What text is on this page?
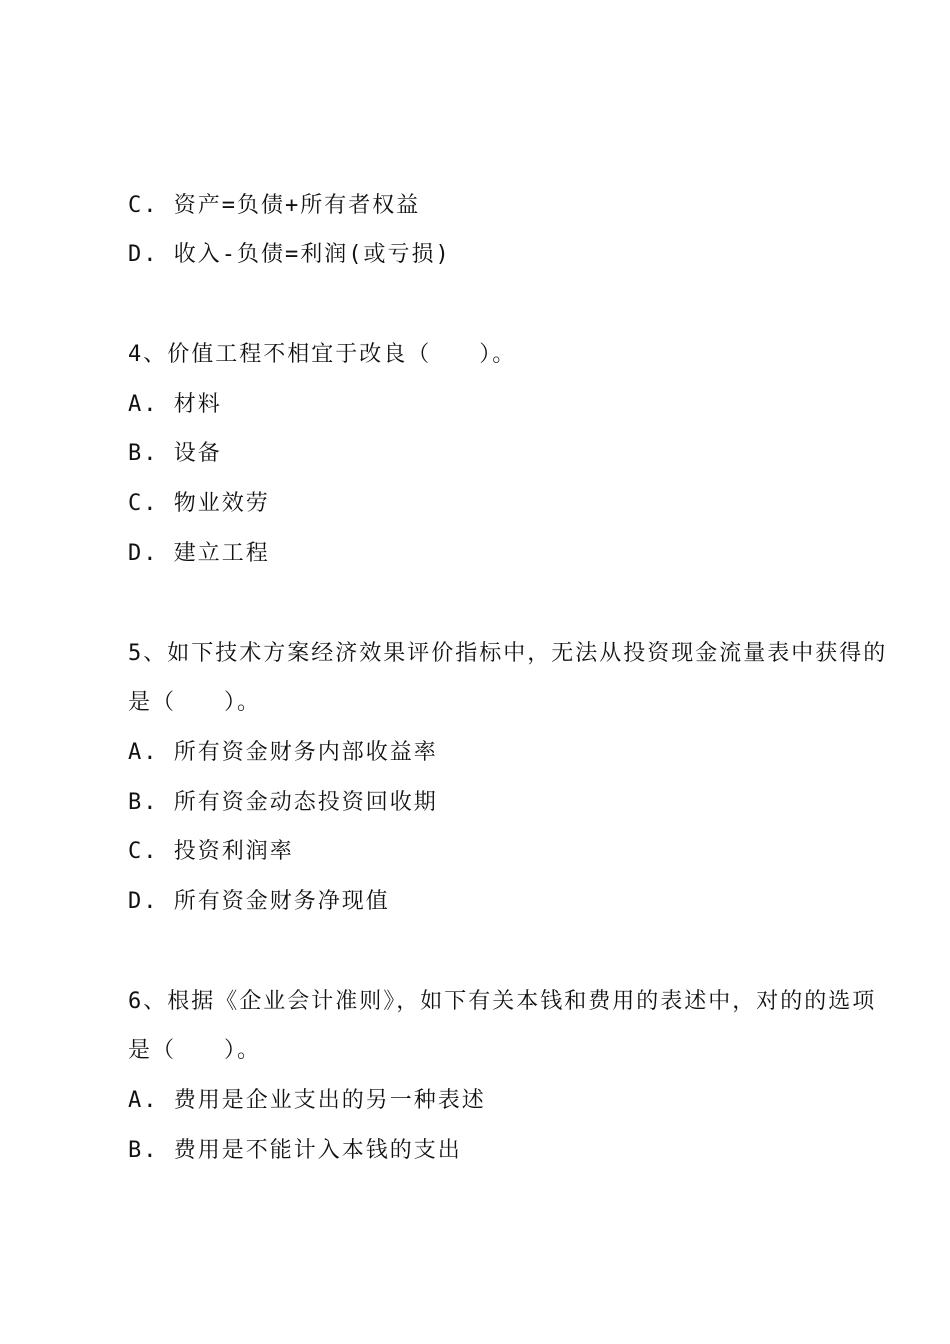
C. 资产=负债+所有者权益
D. 收入-负债=利润(或亏损)
4、价值工程不相宜于改良（　　）。
A. 材料
B. 设备
C. 物业效劳
D. 建立工程
5、如下技术方案经济效果评价指标中，无法从投资现金流量表中获得的
是（　　）。
A. 所有资金财务内部收益率
B. 所有资金动态投资回收期
C. 投资利润率
D. 所有资金财务净现值
6、根据《企业会计准则》，如下有关本钱和费用的表述中，对的的选项
是（　　）。
A. 费用是企业支出的另一种表述
B. 费用是不能计入本钱的支出
